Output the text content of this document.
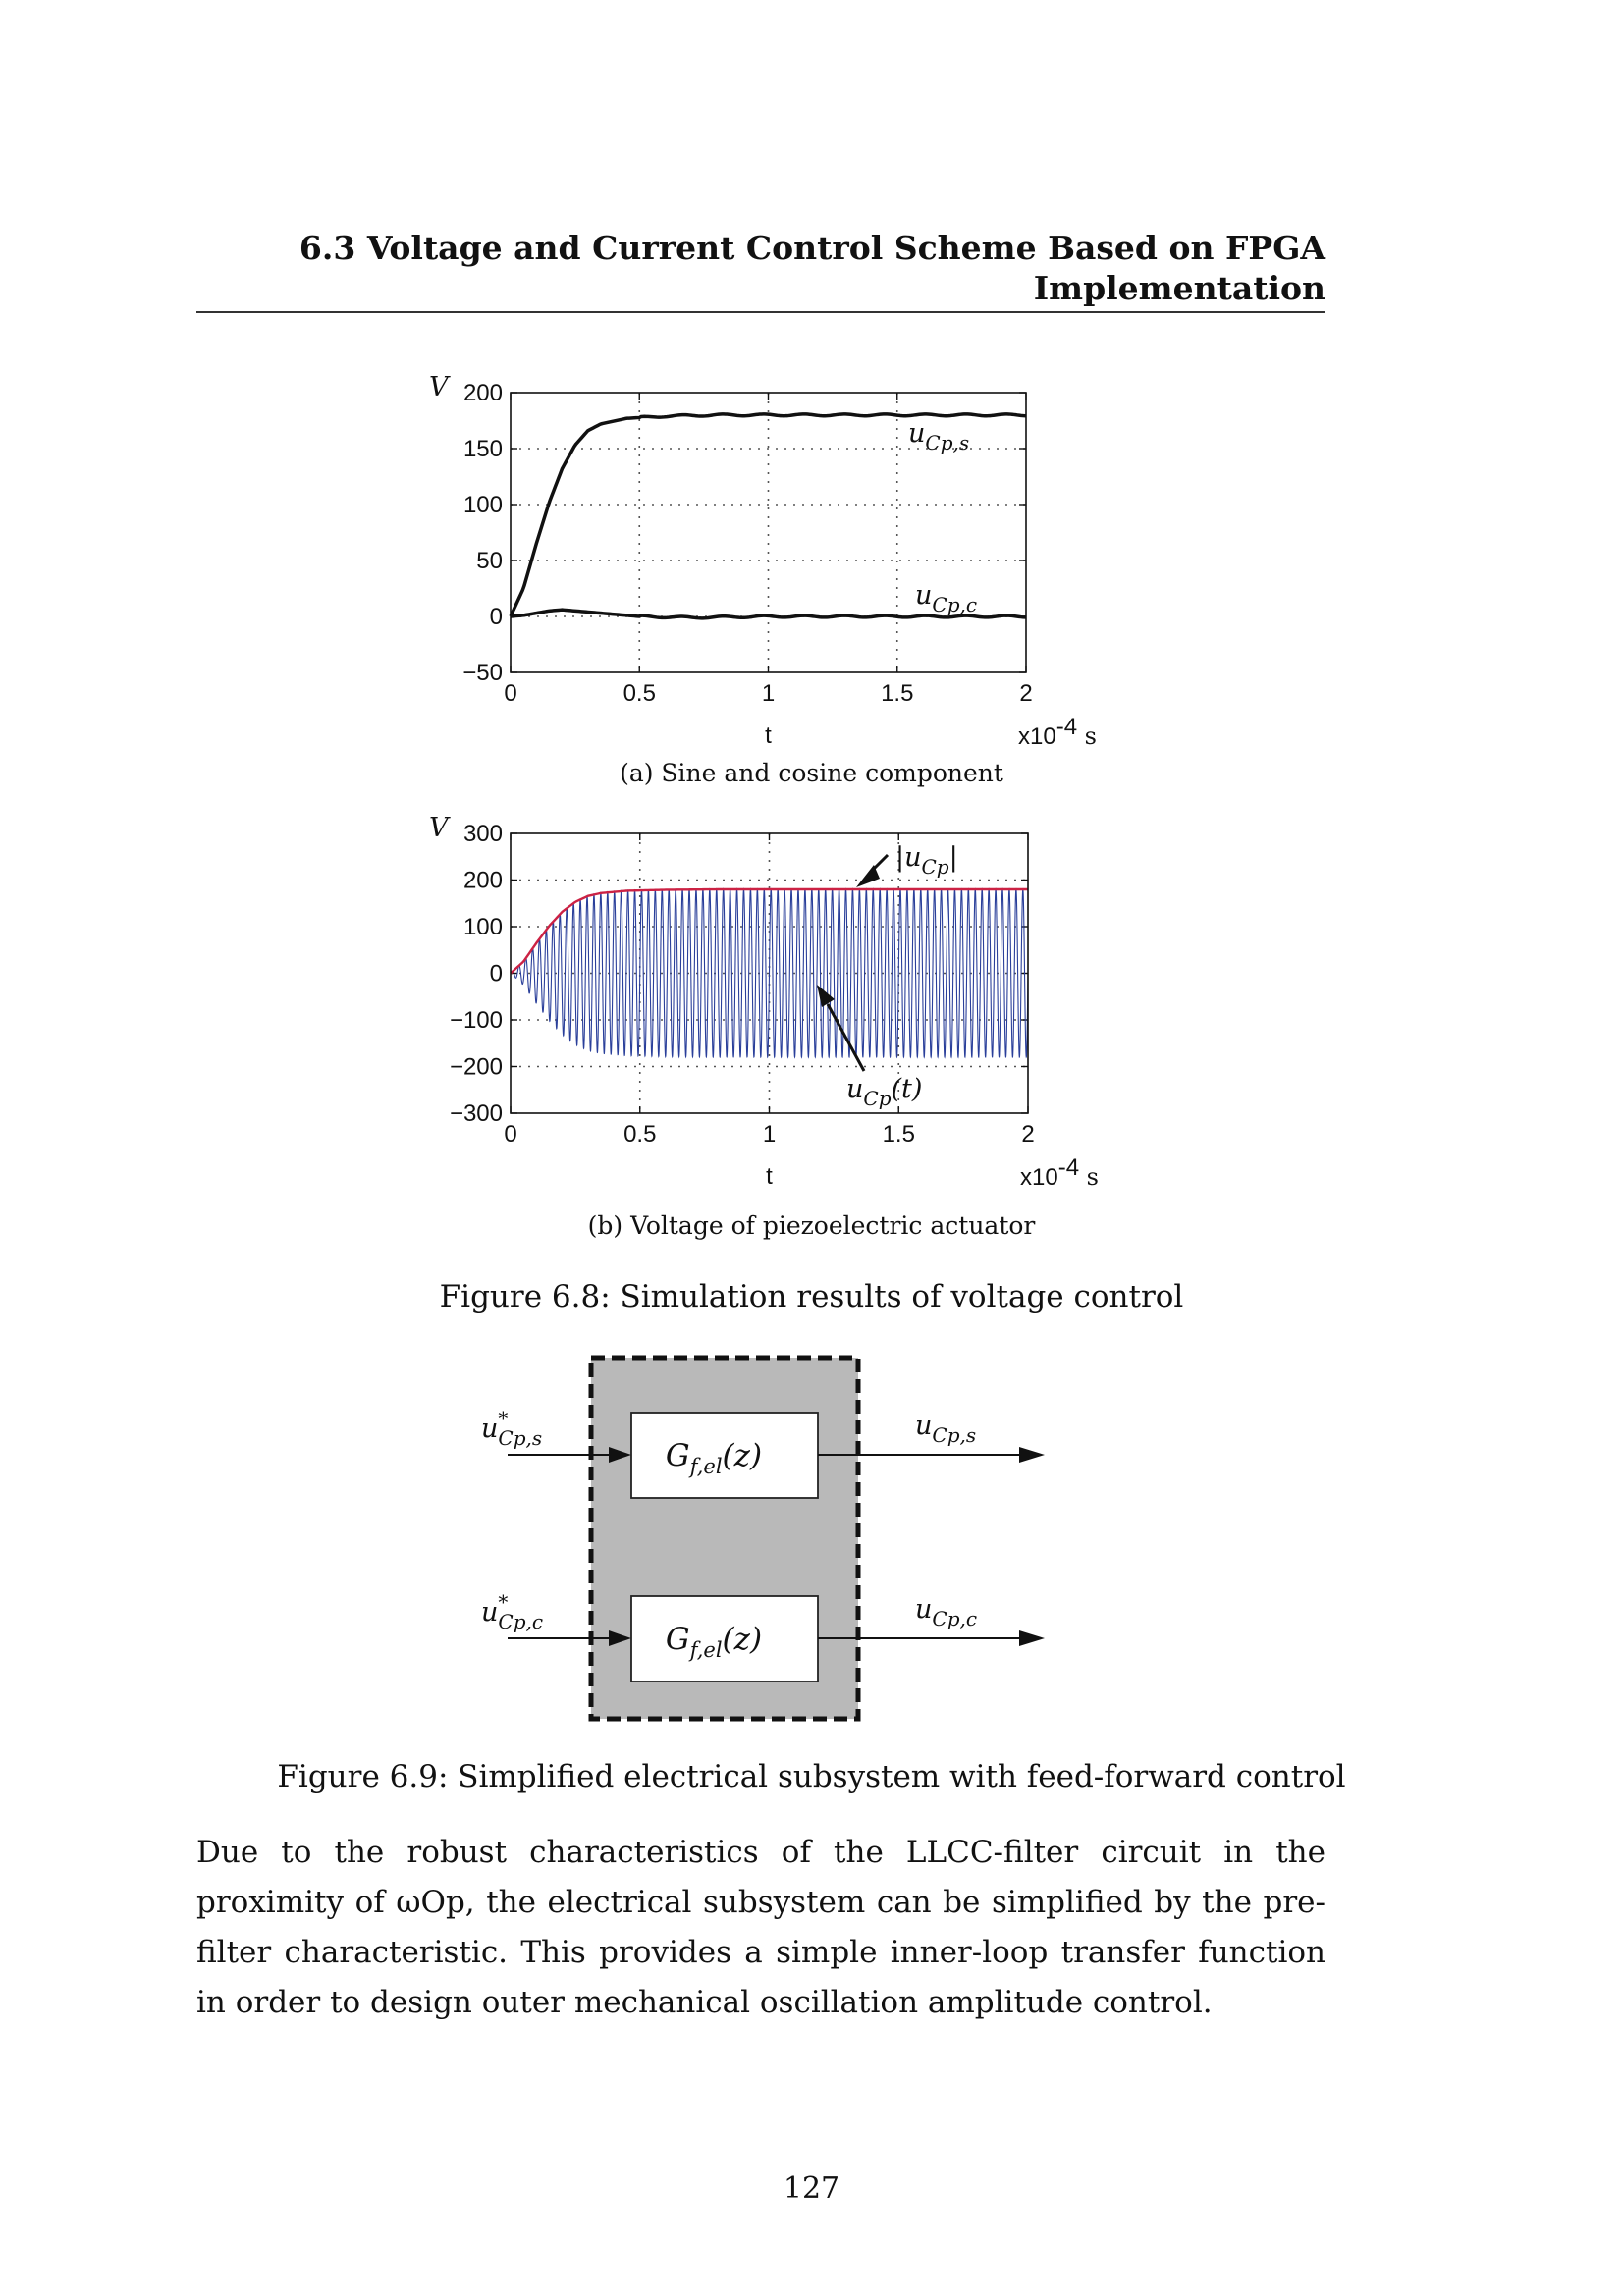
6.3 Voltage and Current Control Scheme Based on FPGA
Implementation
0	0.5	1	1.5	2
−50
0
50
100
150
200
$u_{Cp,s}$
$u_{Cp,c}$
V
t	x10-4 s
0	0.5	1	1.5	2
−300
−200
−100
0
100
200
300
$|u_{Cp}|$
$u_{Cp}(t)$
V
t	x10-4 s
(a) Sine and cosine component
(b) Voltage of piezoelectric actuator
Figure 6.8: Simulation results of voltage control
u* Cp,s	$G_{f,el}(z)$
$u_{Cp,s}$
u* Cp,c	$G_{f,el}(z)$
$u_{Cp,c}$
Figure 6.9: Simplified electrical subsystem with feed-forward control
Due to the robust characteristics of the LLCC-filter circuit in the proximity of ωOp, the electrical subsystem can be simplified by the pre-filter characteristic. This provides a simple inner-loop transfer function in order to design outer mechanical oscillation amplitude control.
127
